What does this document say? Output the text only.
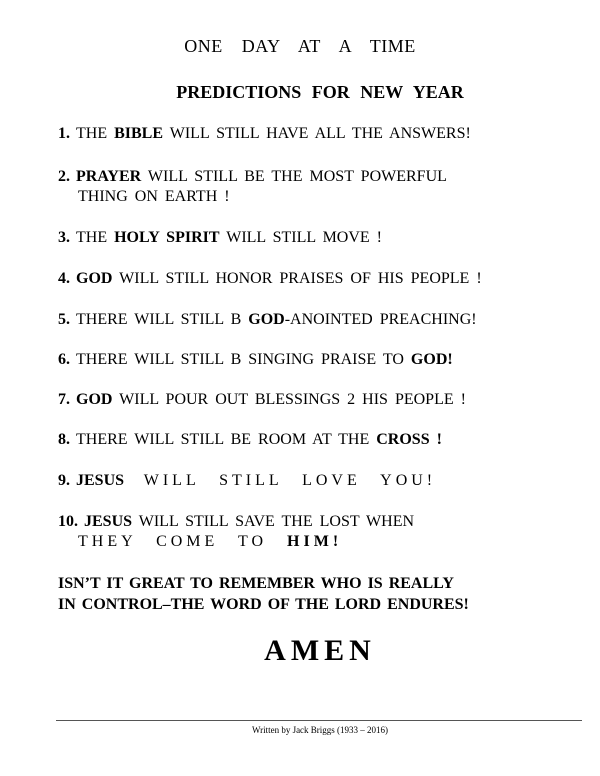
ONE DAY AT A TIME
PREDICTIONS FOR NEW YEAR
1. THE BIBLE WILL STILL HAVE ALL THE ANSWERS!
2. PRAYER WILL STILL BE THE MOST POWERFUL
THING ON EARTH !
3. THE HOLY SPIRIT WILL STILL MOVE !
4. GOD WILL STILL HONOR PRAISES OF HIS PEOPLE !
5. THERE WILL STILL B GOD-ANOINTED PREACHING!
6. THERE WILL STILL B SINGING PRAISE TO GOD!
7. GOD WILL POUR OUT BLESSINGS 2 HIS PEOPLE !
8. THERE WILL STILL BE ROOM AT THE CROSS !
9. JESUS WILL STILL LOVE YOU!
10. JESUS WILL STILL SAVE THE LOST WHEN
THEY COME TO HIM!
ISN’T IT GREAT TO REMEMBER WHO IS REALLY
IN CONTROL–THE WORD OF THE LORD ENDURES!
AMEN
Written by Jack Briggs (1933 – 2016)
